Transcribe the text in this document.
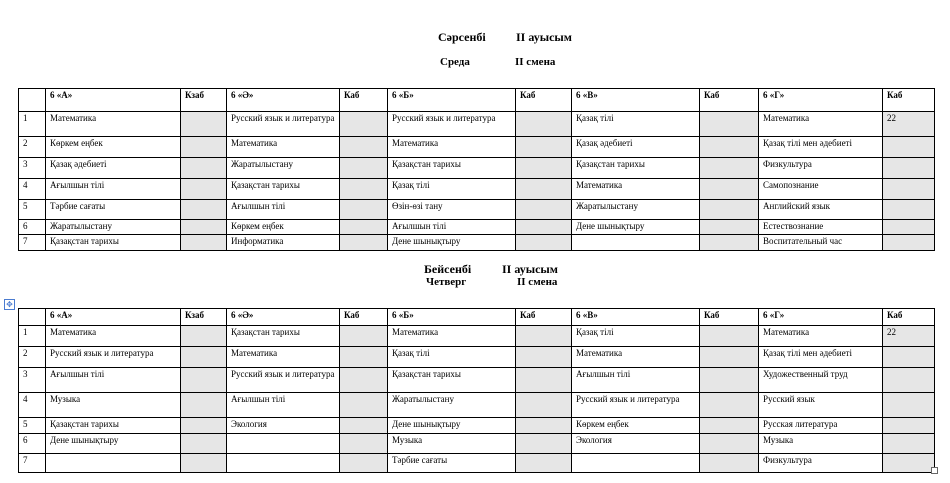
Сәрсенбі	ІІ ауысым
Среда	ІІ смена
	6 «А»	Кзаб	6 «Ә»	Каб	6 «Б»	Каб	6 «В»	Каб	6 «Г»	Каб
1	Математика		Русский язык и литература		Русский язык и литература		Қазақ тілі		Математика	22
2	Көркем еңбек		Математика		Математика		Қазақ әдебиеті		Қазақ тілі мен әдебиеті	
3	Қазақ әдебиеті		Жаратылыстану		Қазақстан тарихы		Қазақстан тарихы		Физкультура	
4	Ағылшын тілі		Қазақстан тарихы		Қазақ тілі		Математика		Самопознание	
5	Тәрбие сағаты		Ағылшын тілі		Өзін-өзі тану		Жаратылыстану		Английский язык	
6	Жаратылыстану		Көркем еңбек		Ағылшын тілі		Дене шынықтыру		Естествознание	
7	Қазақстан тарихы		Информатика		Дене шынықтыру				Воспитательный час	
Бейсенбі	ІІ ауысым
Четверг	ІІ смена
✥
	6 «А»	Кзаб	6 «Ә»	Каб	6 «Б»	Каб	6 «В»	Каб	6 «Г»	Каб
1	Математика		Қазақстан тарихы		Математика		Қазақ тілі		Математика	22
2	Русский язык и литература		Математика		Қазақ тілі		Математика		Қазақ тілі мен әдебиеті	
3	Ағылшын тілі		Русский язык и литература		Қазақстан тарихы		Ағылшын тілі		Художественный труд	
4	Музыка		Ағылшын тілі		Жаратылыстану		Русский язык и литература		Русский язык	
5	Қазақстан тарихы		Экология		Дене шынықтыру		Көркем еңбек		Русская литература	
6	Дене шынықтыру				Музыка		Экология		Музыка	
7					Тәрбие сағаты				Физкультура	
